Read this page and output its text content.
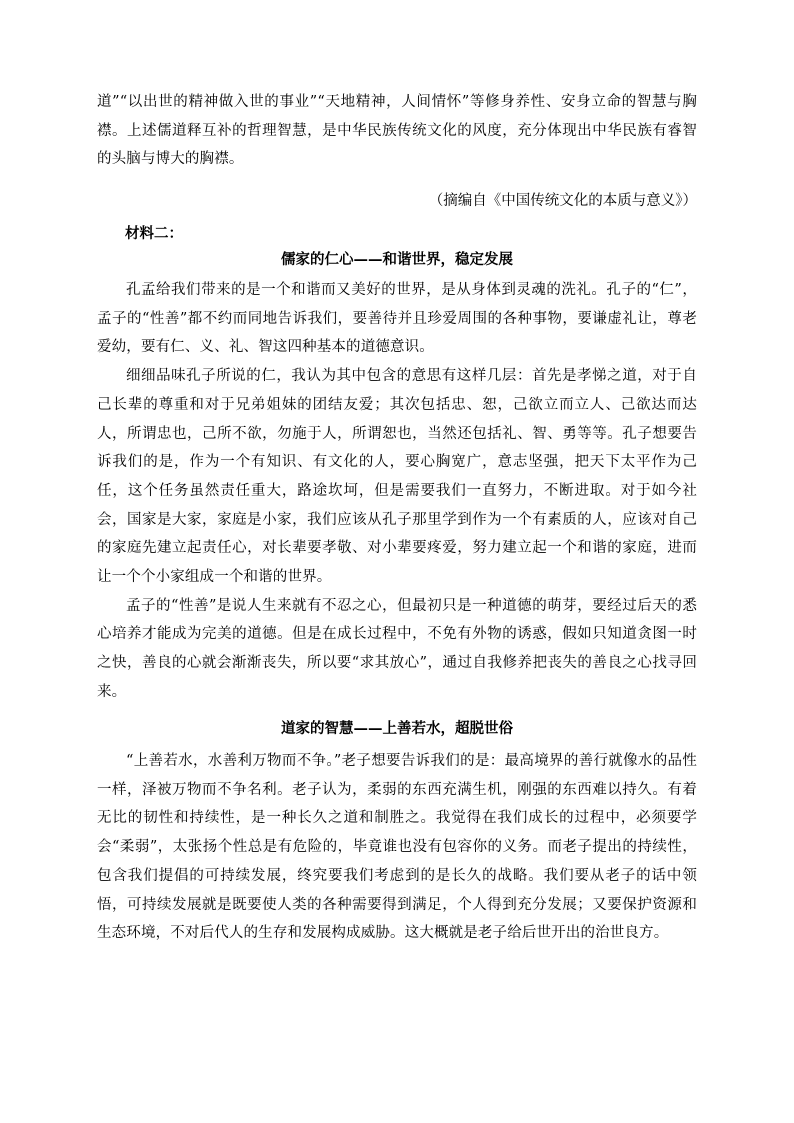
道”“以出世的精神做入世的事业”“天地精神，人间情怀”等修身养性、安身立命的智慧与胸襟。上述儒道释互补的哲理智慧，是中华民族传统文化的风度，充分体现出中华民族有睿智的头脑与博大的胸襟。

（摘编自《中国传统文化的本质与意义》）
材料二：
儒家的仁心——和谐世界，稳定发展

孔孟给我们带来的是一个和谐而又美好的世界，是从身体到灵魂的洗礼。孔子的“仁”，孟子的“性善”都不约而同地告诉我们，要善待并且珍爱周围的各种事物，要谦虚礼让，尊老爱幼，要有仁、义、礼、智这四种基本的道德意识。

细细品味孔子所说的仁，我认为其中包含的意思有这样几层：首先是孝悌之道，对于自己长辈的尊重和对于兄弟姐妹的团结友爱；其次包括忠、恕，己欲立而立人、己欲达而达人，所谓忠也，己所不欲，勿施于人，所谓恕也，当然还包括礼、智、勇等等。孔子想要告诉我们的是，作为一个有知识、有文化的人，要心胸宽广，意志坚强，把天下太平作为己任，这个任务虽然责任重大，路途坎坷，但是需要我们一直努力，不断进取。对于如今社会，国家是大家，家庭是小家，我们应该从孔子那里学到作为一个有素质的人，应该对自己的家庭先建立起责任心，对长辈要孝敬、对小辈要疼爱，努力建立起一个和谐的家庭，进而让一个个小家组成一个和谐的世界。

孟子的“性善”是说人生来就有不忍之心，但最初只是一种道德的萌芽，要经过后天的悉心培养才能成为完美的道德。但是在成长过程中，不免有外物的诱惑，假如只知道贪图一时之快，善良的心就会渐渐丧失，所以要“求其放心”，通过自我修养把丧失的善良之心找寻回来。

道家的智慧——上善若水，超脱世俗

“上善若水，水善利万物而不争。”老子想要告诉我们的是：最高境界的善行就像水的品性一样，泽被万物而不争名利。老子认为，柔弱的东西充满生机，刚强的东西难以持久。有着无比的韧性和持续性，是一种长久之道和制胜之。我觉得在我们成长的过程中，必须要学会“柔弱”，太张扬个性总是有危险的，毕竟谁也没有包容你的义务。而老子提出的持续性，包含我们提倡的可持续发展，终究要我们考虑到的是长久的战略。我们要从老子的话中领悟，可持续发展就是既要使人类的各种需要得到满足，个人得到充分发展；又要保护资源和生态环境，不对后代人的生存和发展构成威胁。这大概就是老子给后世开出的治世良方。
